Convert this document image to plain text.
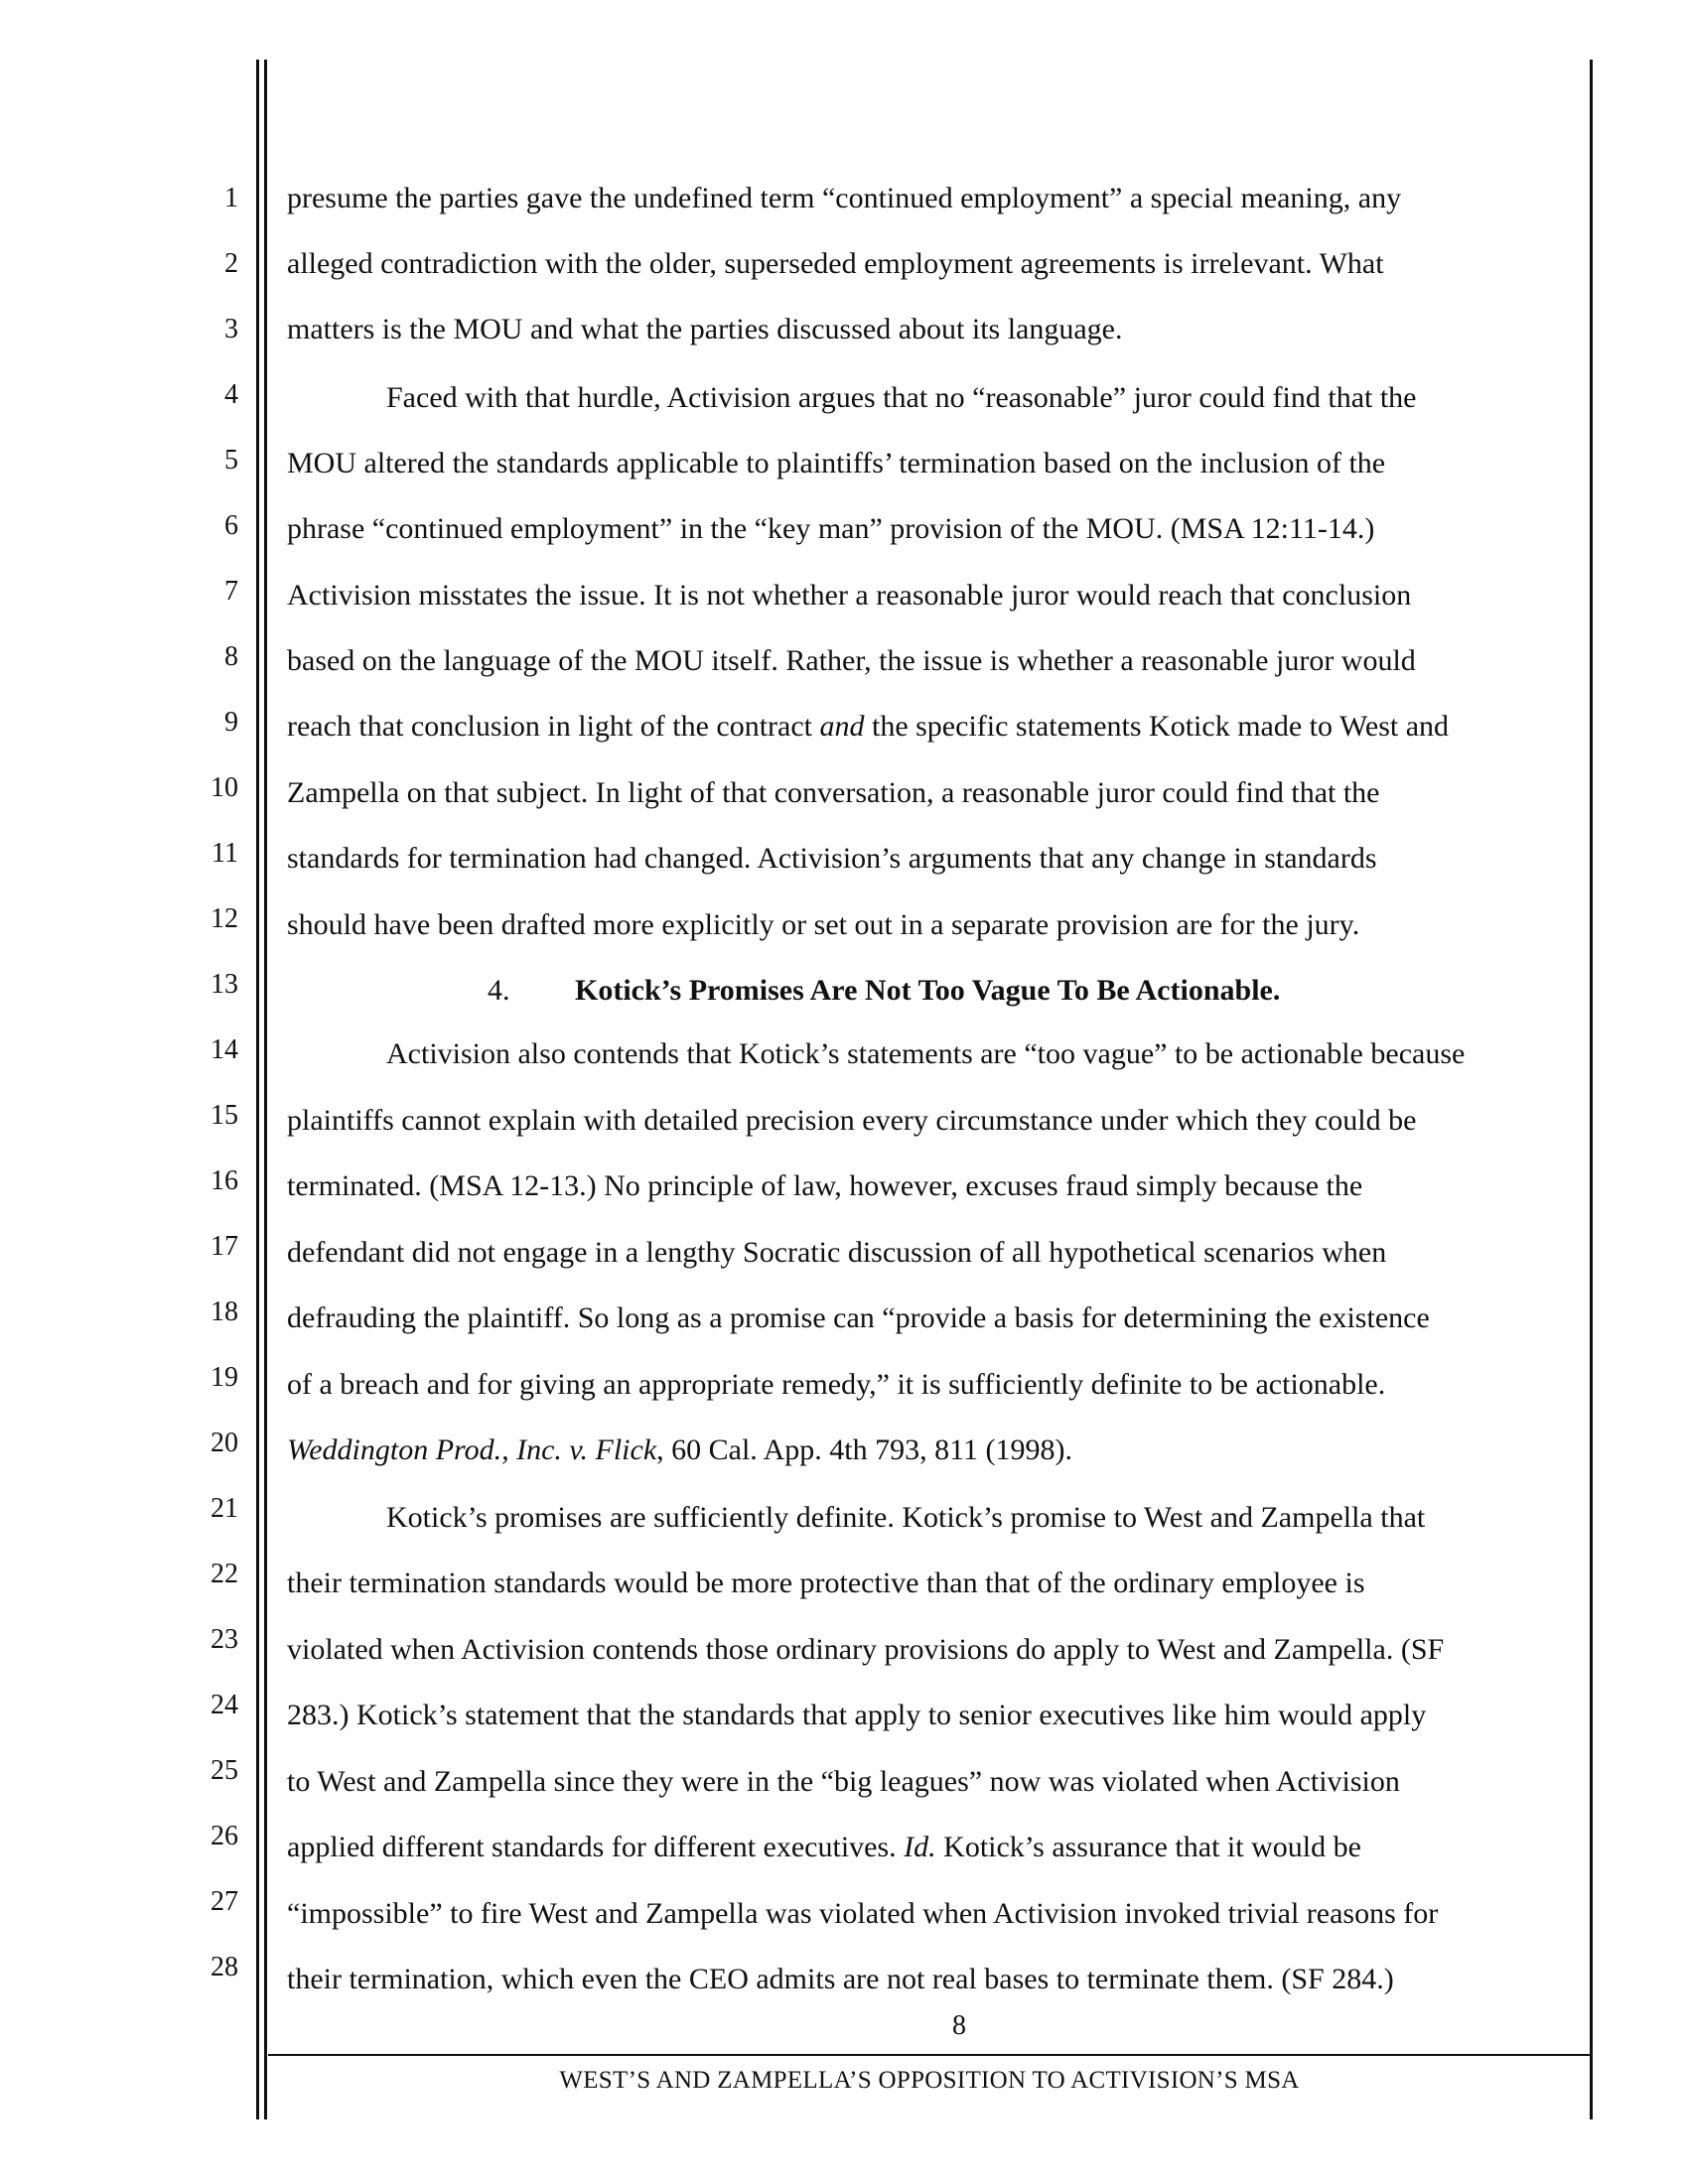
1
2
3
4
5
6
7
8
9
10
11
12
13
14
15
16
17
18
19
20
21
22
23
24
25
26
27
28
presume the parties gave the undefined term “continued employment” a special meaning, any
alleged contradiction with the older, superseded employment agreements is irrelevant. What
matters is the MOU and what the parties discussed about its language.
Faced with that hurdle, Activision argues that no “reasonable” juror could find that the
MOU altered the standards applicable to plaintiffs’ termination based on the inclusion of the
phrase “continued employment” in the “key man” provision of the MOU. (MSA 12:11-14.)
Activision misstates the issue. It is not whether a reasonable juror would reach that conclusion
based on the language of the MOU itself. Rather, the issue is whether a reasonable juror would
reach that conclusion in light of the contract and the specific statements Kotick made to West and
Zampella on that subject. In light of that conversation, a reasonable juror could find that the
standards for termination had changed. Activision’s arguments that any change in standards
should have been drafted more explicitly or set out in a separate provision are for the jury.
4. Kotick’s Promises Are Not Too Vague To Be Actionable.
Activision also contends that Kotick’s statements are “too vague” to be actionable because
plaintiffs cannot explain with detailed precision every circumstance under which they could be
terminated. (MSA 12-13.) No principle of law, however, excuses fraud simply because the
defendant did not engage in a lengthy Socratic discussion of all hypothetical scenarios when
defrauding the plaintiff. So long as a promise can “provide a basis for determining the existence
of a breach and for giving an appropriate remedy,” it is sufficiently definite to be actionable.
Weddington Prod., Inc. v. Flick, 60 Cal. App. 4th 793, 811 (1998).
Kotick’s promises are sufficiently definite. Kotick’s promise to West and Zampella that
their termination standards would be more protective than that of the ordinary employee is
violated when Activision contends those ordinary provisions do apply to West and Zampella. (SF
283.) Kotick’s statement that the standards that apply to senior executives like him would apply
to West and Zampella since they were in the “big leagues” now was violated when Activision
applied different standards for different executives. Id. Kotick’s assurance that it would be
“impossible” to fire West and Zampella was violated when Activision invoked trivial reasons for
their termination, which even the CEO admits are not real bases to terminate them. (SF 284.)
8
WEST’S AND ZAMPELLA’S OPPOSITION TO ACTIVISION’S MSA
